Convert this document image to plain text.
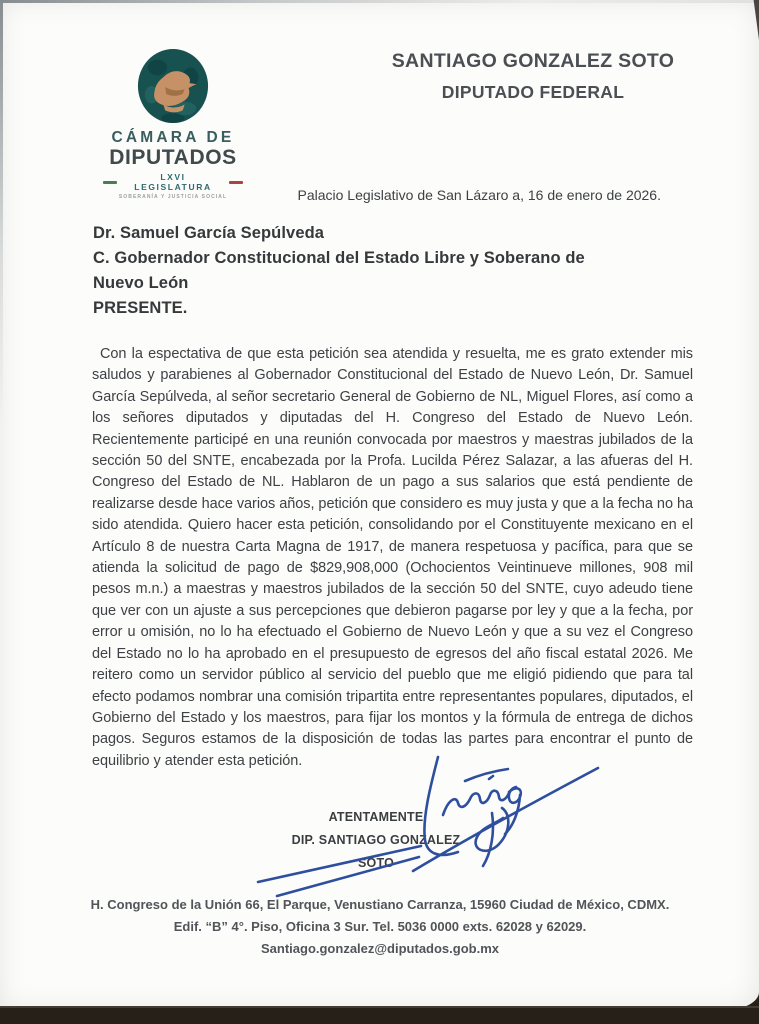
CÁMARA DE
DIPUTADOS
LXVI LEGISLATURA
SOBERANÍA Y JUSTICIA SOCIAL
SANTIAGO GONZALEZ SOTO
DIPUTADO FEDERAL
Palacio Legislativo de San Lázaro a, 16 de enero de 2026.
Dr. Samuel García Sepúlveda
C. Gobernador Constitucional del Estado Libre y Soberano de
Nuevo León
PRESENTE.
Con la espectativa de que esta petición sea atendida y resuelta, me es grato extender mis saludos y parabienes al Gobernador Constitucional del Estado de Nuevo León, Dr. Samuel García Sepúlveda, al señor secretario General de Gobierno de NL, Miguel Flores, así como a los señores diputados y diputadas del H. Congreso del Estado de Nuevo León. Recientemente participé en una reunión convocada por maestros y maestras jubilados de la sección 50 del SNTE, encabezada por la Profa. Lucilda Pérez Salazar, a las afueras del H. Congreso del Estado de NL. Hablaron de un pago a sus salarios que está pendiente de realizarse desde hace varios años, petición que considero es muy justa y que a la fecha no ha sido atendida. Quiero hacer esta petición, consolidando por el Constituyente mexicano en el Artículo 8 de nuestra Carta Magna de 1917, de manera respetuosa y pacífica, para que se atienda la solicitud de pago de $829,908,000 (Ochocientos Veintinueve millones, 908 mil pesos m.n.) a maestras y maestros jubilados de la sección 50 del SNTE, cuyo adeudo tiene que ver con un ajuste a sus percepciones que debieron pagarse por ley y que a la fecha, por error u omisión, no lo ha efectuado el Gobierno de Nuevo León y que a su vez el Congreso del Estado no lo ha aprobado en el presupuesto de egresos del año fiscal estatal 2026. Me reitero como un servidor público al servicio del pueblo que me eligió pidiendo que para tal efecto podamos nombrar una comisión tripartita entre representantes populares, diputados, el Gobierno del Estado y los maestros, para fijar los montos y la fórmula de entrega de dichos pagos. Seguros estamos de la disposición de todas las partes para encontrar el punto de equilibrio y atender esta petición.
ATENTAMENTE
DIP. SANTIAGO GONZALEZ SOTO
H. Congreso de la Unión 66, El Parque, Venustiano Carranza, 15960 Ciudad de México, CDMX.
Edif. “B” 4°. Piso, Oficina 3 Sur. Tel. 5036 0000 exts. 62028 y 62029.
Santiago.gonzalez@diputados.gob.mx
